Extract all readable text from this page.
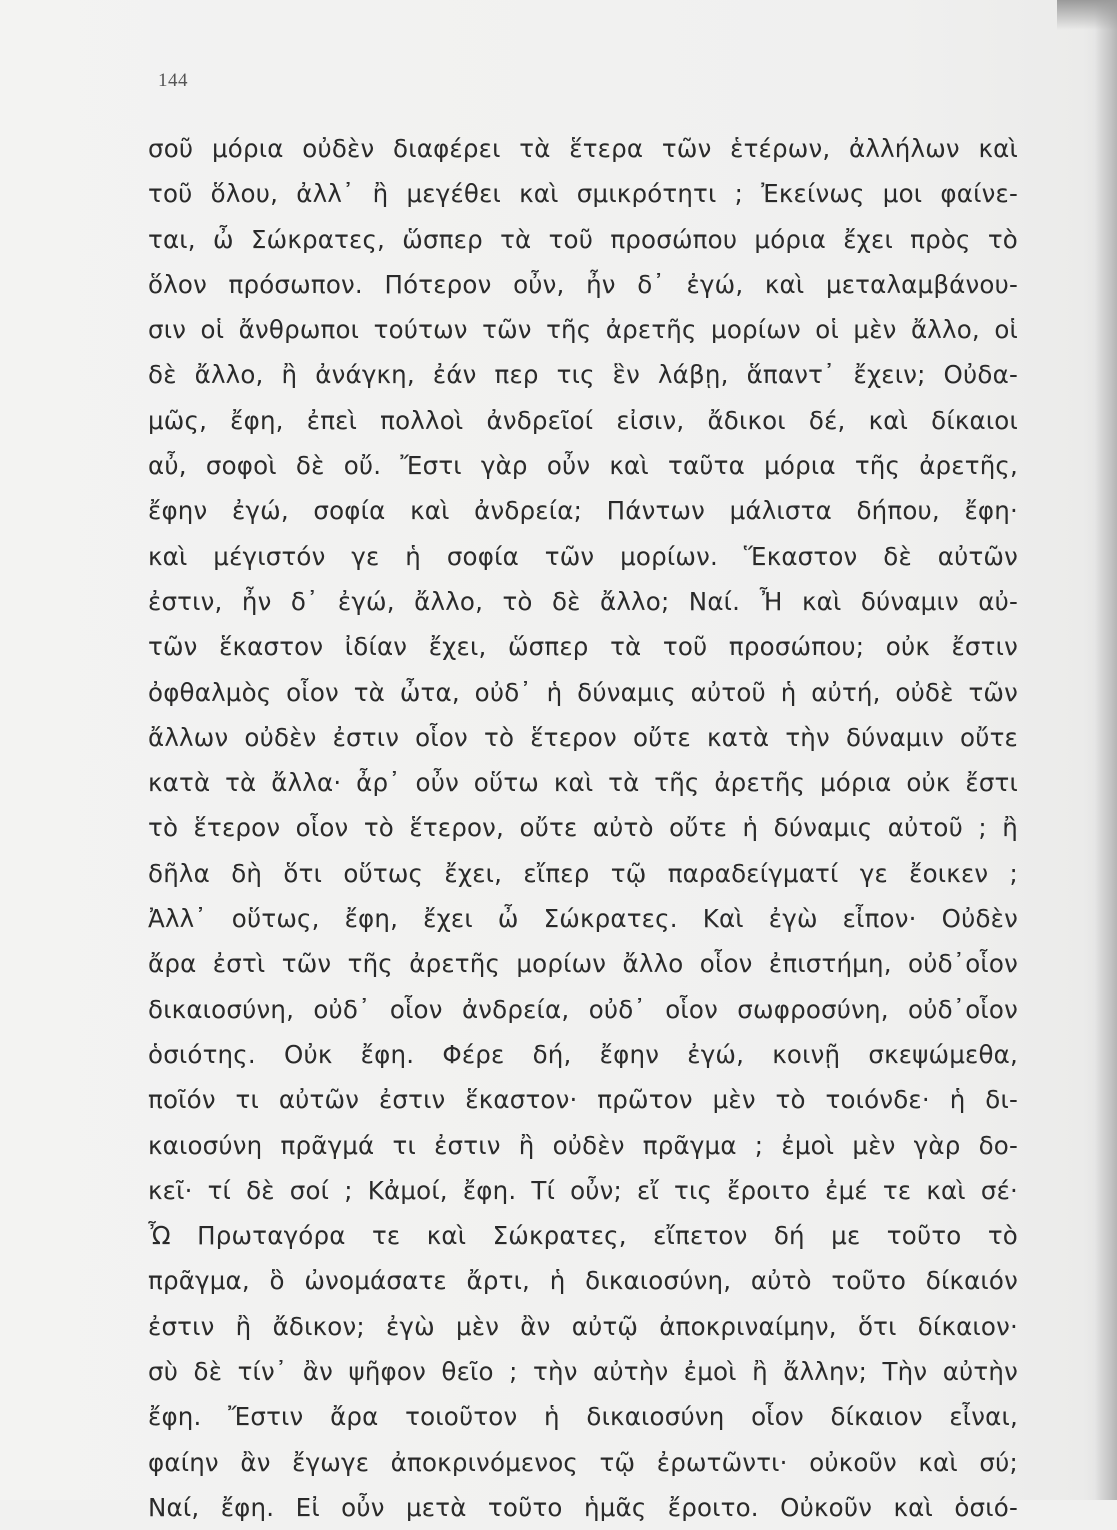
144
σοῦ μόρια οὐδὲν διαφέρει τὰ ἕτερα τῶν ἑτέρων, ἀλλήλων καὶ
τοῦ ὅλου, ἀλλ᾽ ἢ μεγέθει καὶ σμικρότητι ; Ἐκείνως μοι φαίνε-
ται, ὦ Σώκρατες, ὥσπερ τὰ τοῦ προσώπου μόρια ἔχει πρὸς τὸ
ὅλον πρόσωπον. Πότερον οὖν, ἦν δ᾽ ἐγώ, καὶ μεταλαμβάνου-
σιν οἱ ἄνθρωποι τούτων τῶν τῆς ἀρετῆς μορίων οἱ μὲν ἄλλο, οἱ
δὲ ἄλλο, ἢ ἀνάγκη, ἐάν περ τις ἓν λάβῃ, ἅπαντ᾽ ἔχειν; Οὐδα-
μῶς, ἔφη, ἐπεὶ πολλοὶ ἀνδρεῖοί εἰσιν, ἄδικοι δέ, καὶ δίκαιοι
αὖ, σοφοὶ δὲ οὔ. Ἔστι γὰρ οὖν καὶ ταῦτα μόρια τῆς ἀρετῆς,
ἔφην ἐγώ, σοφία καὶ ἀνδρεία; Πάντων μάλιστα δήπου, ἔφη·
καὶ μέγιστόν γε ἡ σοφία τῶν μορίων. Ἕκαστον δὲ αὐτῶν
ἐστιν, ἦν δ᾽ ἐγώ, ἄλλο, τὸ δὲ ἄλλο; Ναί. Ἦ καὶ δύναμιν αὐ-
τῶν ἕκαστον ἰδίαν ἔχει, ὥσπερ τὰ τοῦ προσώπου; οὐκ ἔστιν
ὀφθαλμὸς οἷον τὰ ὦτα, οὐδ᾽ ἡ δύναμις αὐτοῦ ἡ αὐτή, οὐδὲ τῶν
ἄλλων οὐδὲν ἐστιν οἷον τὸ ἕτερον οὔτε κατὰ τὴν δύναμιν οὔτε
κατὰ τὰ ἄλλα· ἆρ᾽ οὖν οὕτω καὶ τὰ τῆς ἀρετῆς μόρια οὐκ ἔστι
τὸ ἕτερον οἷον τὸ ἕτερον, οὔτε αὐτὸ οὔτε ἡ δύναμις αὐτοῦ ; ἢ
δῆλα δὴ ὅτι οὕτως ἔχει, εἴπερ τῷ παραδείγματί γε ἔοικεν ;
Ἀλλ᾽ οὕτως, ἔφη, ἔχει ὦ Σώκρατες. Καὶ ἐγὼ εἶπον· Οὐδὲν
ἄρα ἐστὶ τῶν τῆς ἀρετῆς μορίων ἄλλο οἷον ἐπιστήμη, οὐδ᾽οἷον
δικαιοσύνη, οὐδ᾽ οἷον ἀνδρεία, οὐδ᾽ οἷον σωφροσύνη, οὐδ᾽οἷον
ὁσιότης. Οὐκ ἔφη. Φέρε δή, ἔφην ἐγώ, κοινῇ σκεψώμεθα,
ποῖόν τι αὐτῶν ἐστιν ἕκαστον· πρῶτον μὲν τὸ τοιόνδε· ἡ δι-
καιοσύνη πρᾶγμά τι ἐστιν ἢ οὐδὲν πρᾶγμα ; ἐμοὶ μὲν γὰρ δο-
κεῖ· τί δὲ σοί ; Κἀμοί, ἔφη. Τί οὖν; εἴ τις ἔροιτο ἐμέ τε καὶ σέ·
Ὦ Πρωταγόρα τε καὶ Σώκρατες, εἴπετον δή με τοῦτο τὸ
πρᾶγμα, ὃ ὠνομάσατε ἄρτι, ἡ δικαιοσύνη, αὐτὸ τοῦτο δίκαιόν
ἐστιν ἢ ἄδικον; ἐγὼ μὲν ἂν αὐτῷ ἀποκριναίμην, ὅτι δίκαιον·
σὺ δὲ τίν᾽ ἂν ψῆφον θεῖο ; τὴν αὐτὴν ἐμοὶ ἢ ἄλλην; Τὴν αὐτὴν
ἔφη. Ἔστιν ἄρα τοιοῦτον ἡ δικαιοσύνη οἷον δίκαιον εἶναι,
φαίην ἂν ἔγωγε ἀποκρινόμενος τῷ ἐρωτῶντι· οὐκοῦν καὶ σύ;
Ναί, ἔφη. Εἰ οὖν μετὰ τοῦτο ἡμᾶς ἔροιτο. Οὐκοῦν καὶ ὁσιό-
